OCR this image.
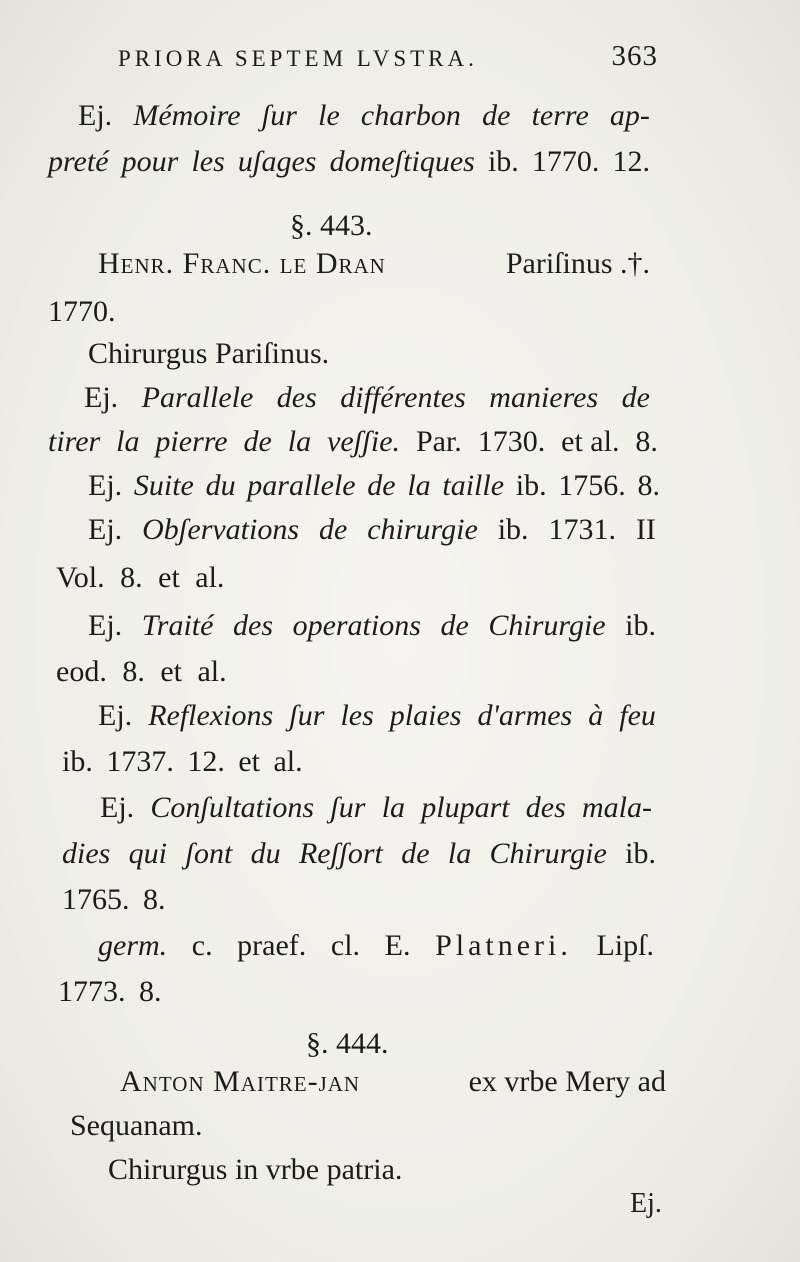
PRIORA SEPTEM LVSTRA.	363
Ej. Mémoire ʃur le charbon de terre ap-
preté pour les uʃages domeʃtiques ib. 1770. 12.
§. 443.
Henr. Franc. le Dran	Pariſinus .†.
1770.
Chirurgus Pariſinus.
Ej. Parallele des différentes manieres de
tirer la pierre de la veʃʃie. Par. 1730. et al. 8.
Ej. Suite du parallele de la taille ib. 1756. 8.
Ej. Obʃervations de chirurgie ib. 1731. II
Vol. 8. et al.
Ej. Traité des operations de Chirurgie ib.
eod. 8. et al.
Ej. Reflexions ʃur les plaies d'armes à feu
ib. 1737. 12. et al.
Ej. Conʃultations ʃur la plupart des mala-
dies qui ʃont du Reʃʃort de la Chirurgie ib.
1765. 8.
germ. c. praef. cl. E. Platneri. Lipſ.
1773. 8.
§. 444.
Anton Maitre-jan	ex vrbe Mery ad
Sequanam.
Chirurgus in vrbe patria.
Ej.
